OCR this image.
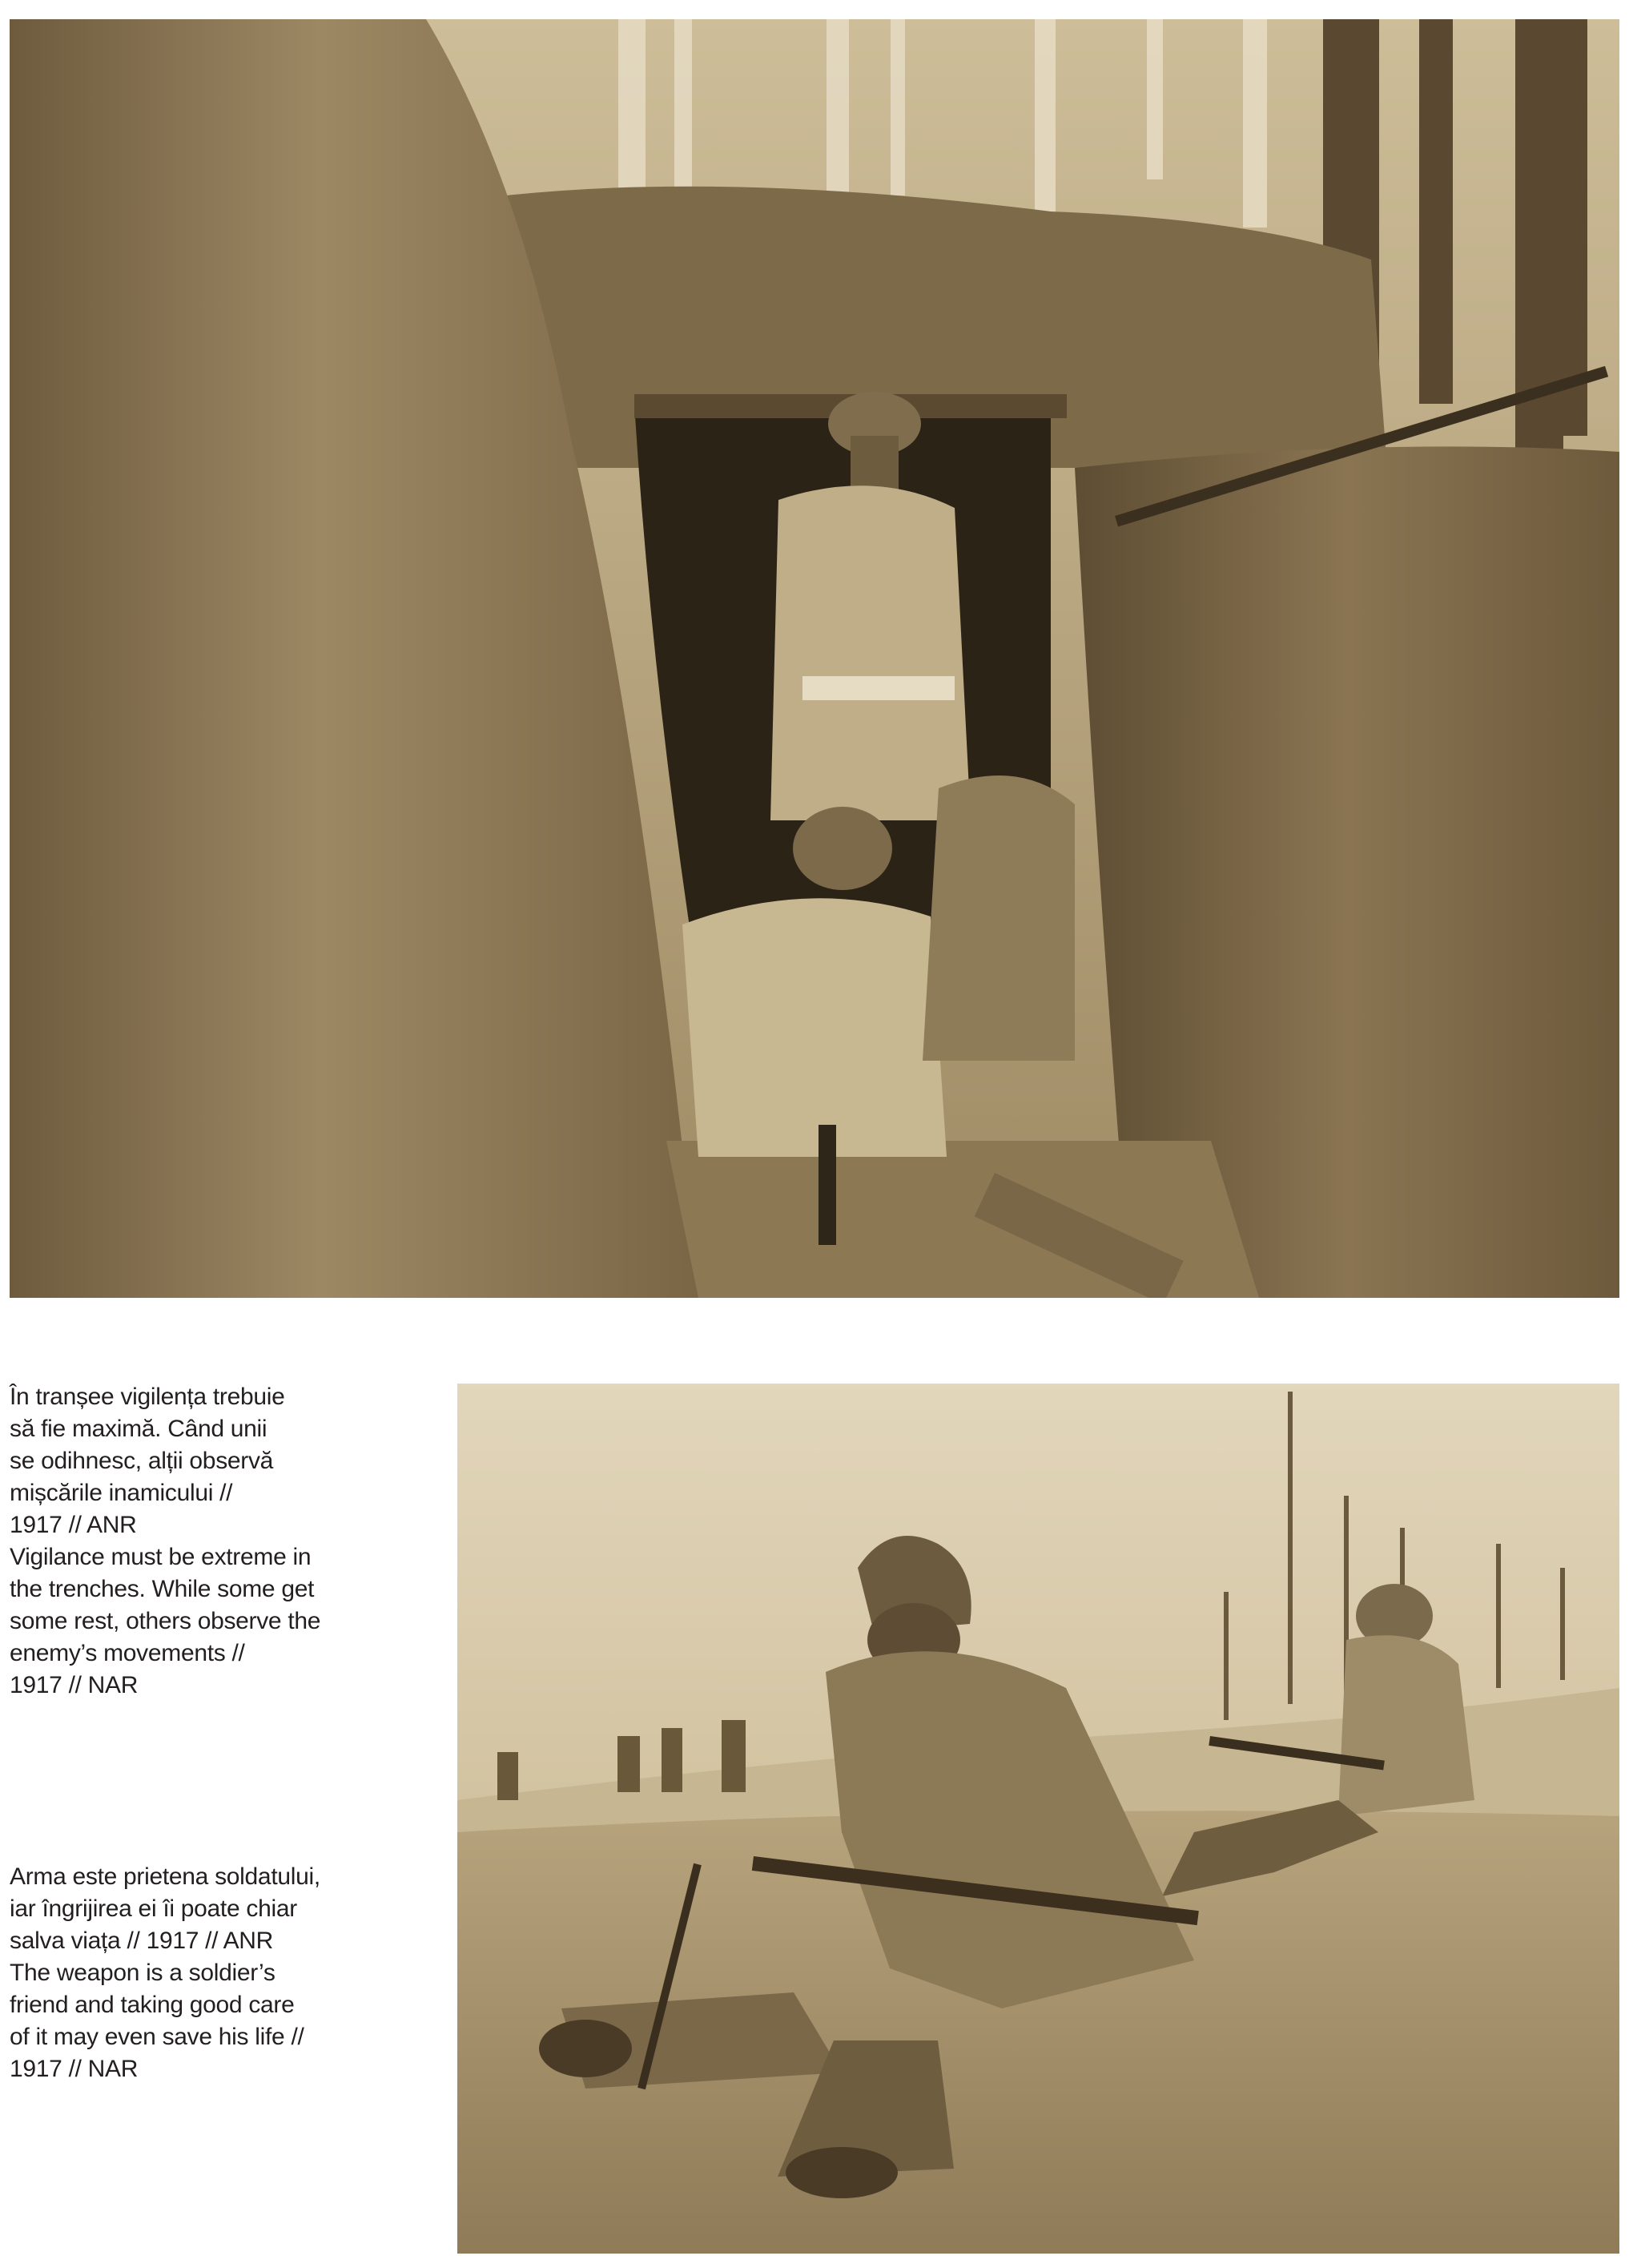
În tranșee vigilența trebuie
să fie maximă. Când unii
se odihnesc, alții observă
mișcările inamicului //
1917 // ANR
Vigilance must be extreme in
the trenches. While some get
some rest, others observe the
enemy’s movements //
1917 // NAR
Arma este prietena soldatului,
iar îngrijirea ei îi poate chiar
salva viața // 1917 // ANR
The weapon is a soldier’s
friend and taking good care
of it may even save his life //
1917 // NAR
